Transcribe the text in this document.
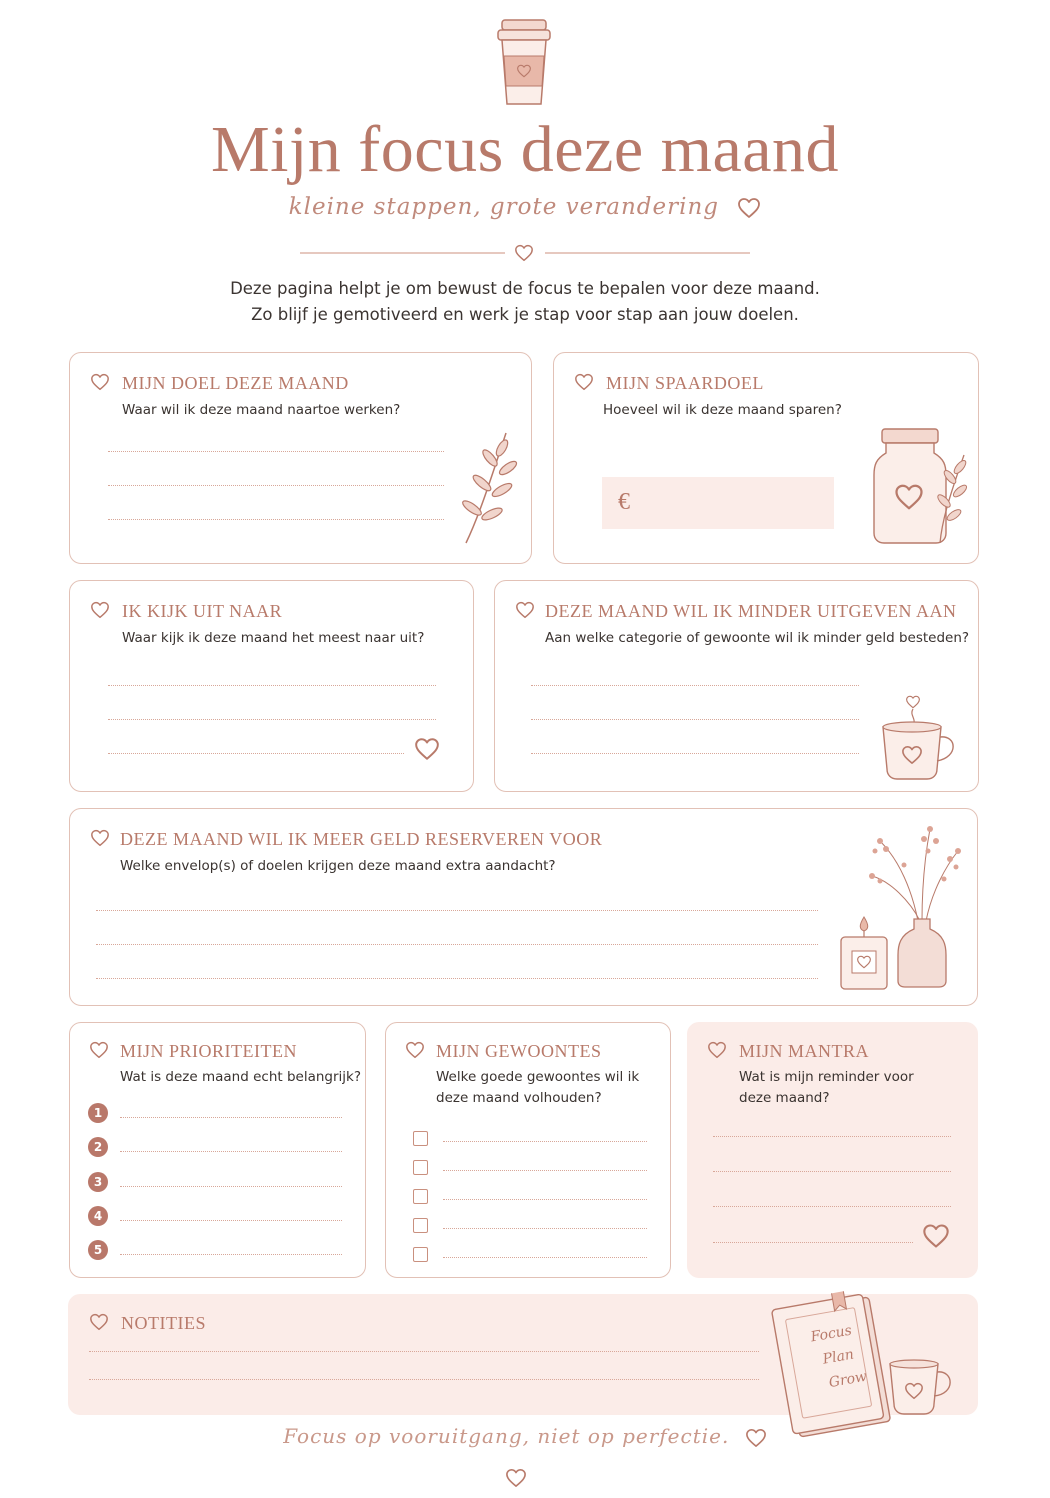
Mijn focus deze maand
kleine stappen, grote verandering
Deze pagina helpt je om bewust de focus te bepalen voor deze maand.
Zo blijf je gemotiveerd en werk je stap voor stap aan jouw doelen.
MIJN DOEL DEZE MAAND
Waar wil ik deze maand naartoe werken?
MIJN SPAARDOEL
Hoeveel wil ik deze maand sparen?
€
IK KIJK UIT NAAR
Waar kijk ik deze maand het meest naar uit?
DEZE MAAND WIL IK MINDER UITGEVEN AAN
Aan welke categorie of gewoonte wil ik minder geld besteden?
DEZE MAAND WIL IK MEER GELD RESERVEREN VOOR
Welke envelop(s) of doelen krijgen deze maand extra aandacht?
MIJN PRIORITEITEN
Wat is deze maand echt belangrijk?
1
2
3
4
5
MIJN GEWOONTES
Welke goede gewoontes wil ik
deze maand volhouden?
MIJN MANTRA
Wat is mijn reminder voor
deze maand?
NOTITIES	Focus
Plan
Grow
Focus op vooruitgang, niet op perfectie.
